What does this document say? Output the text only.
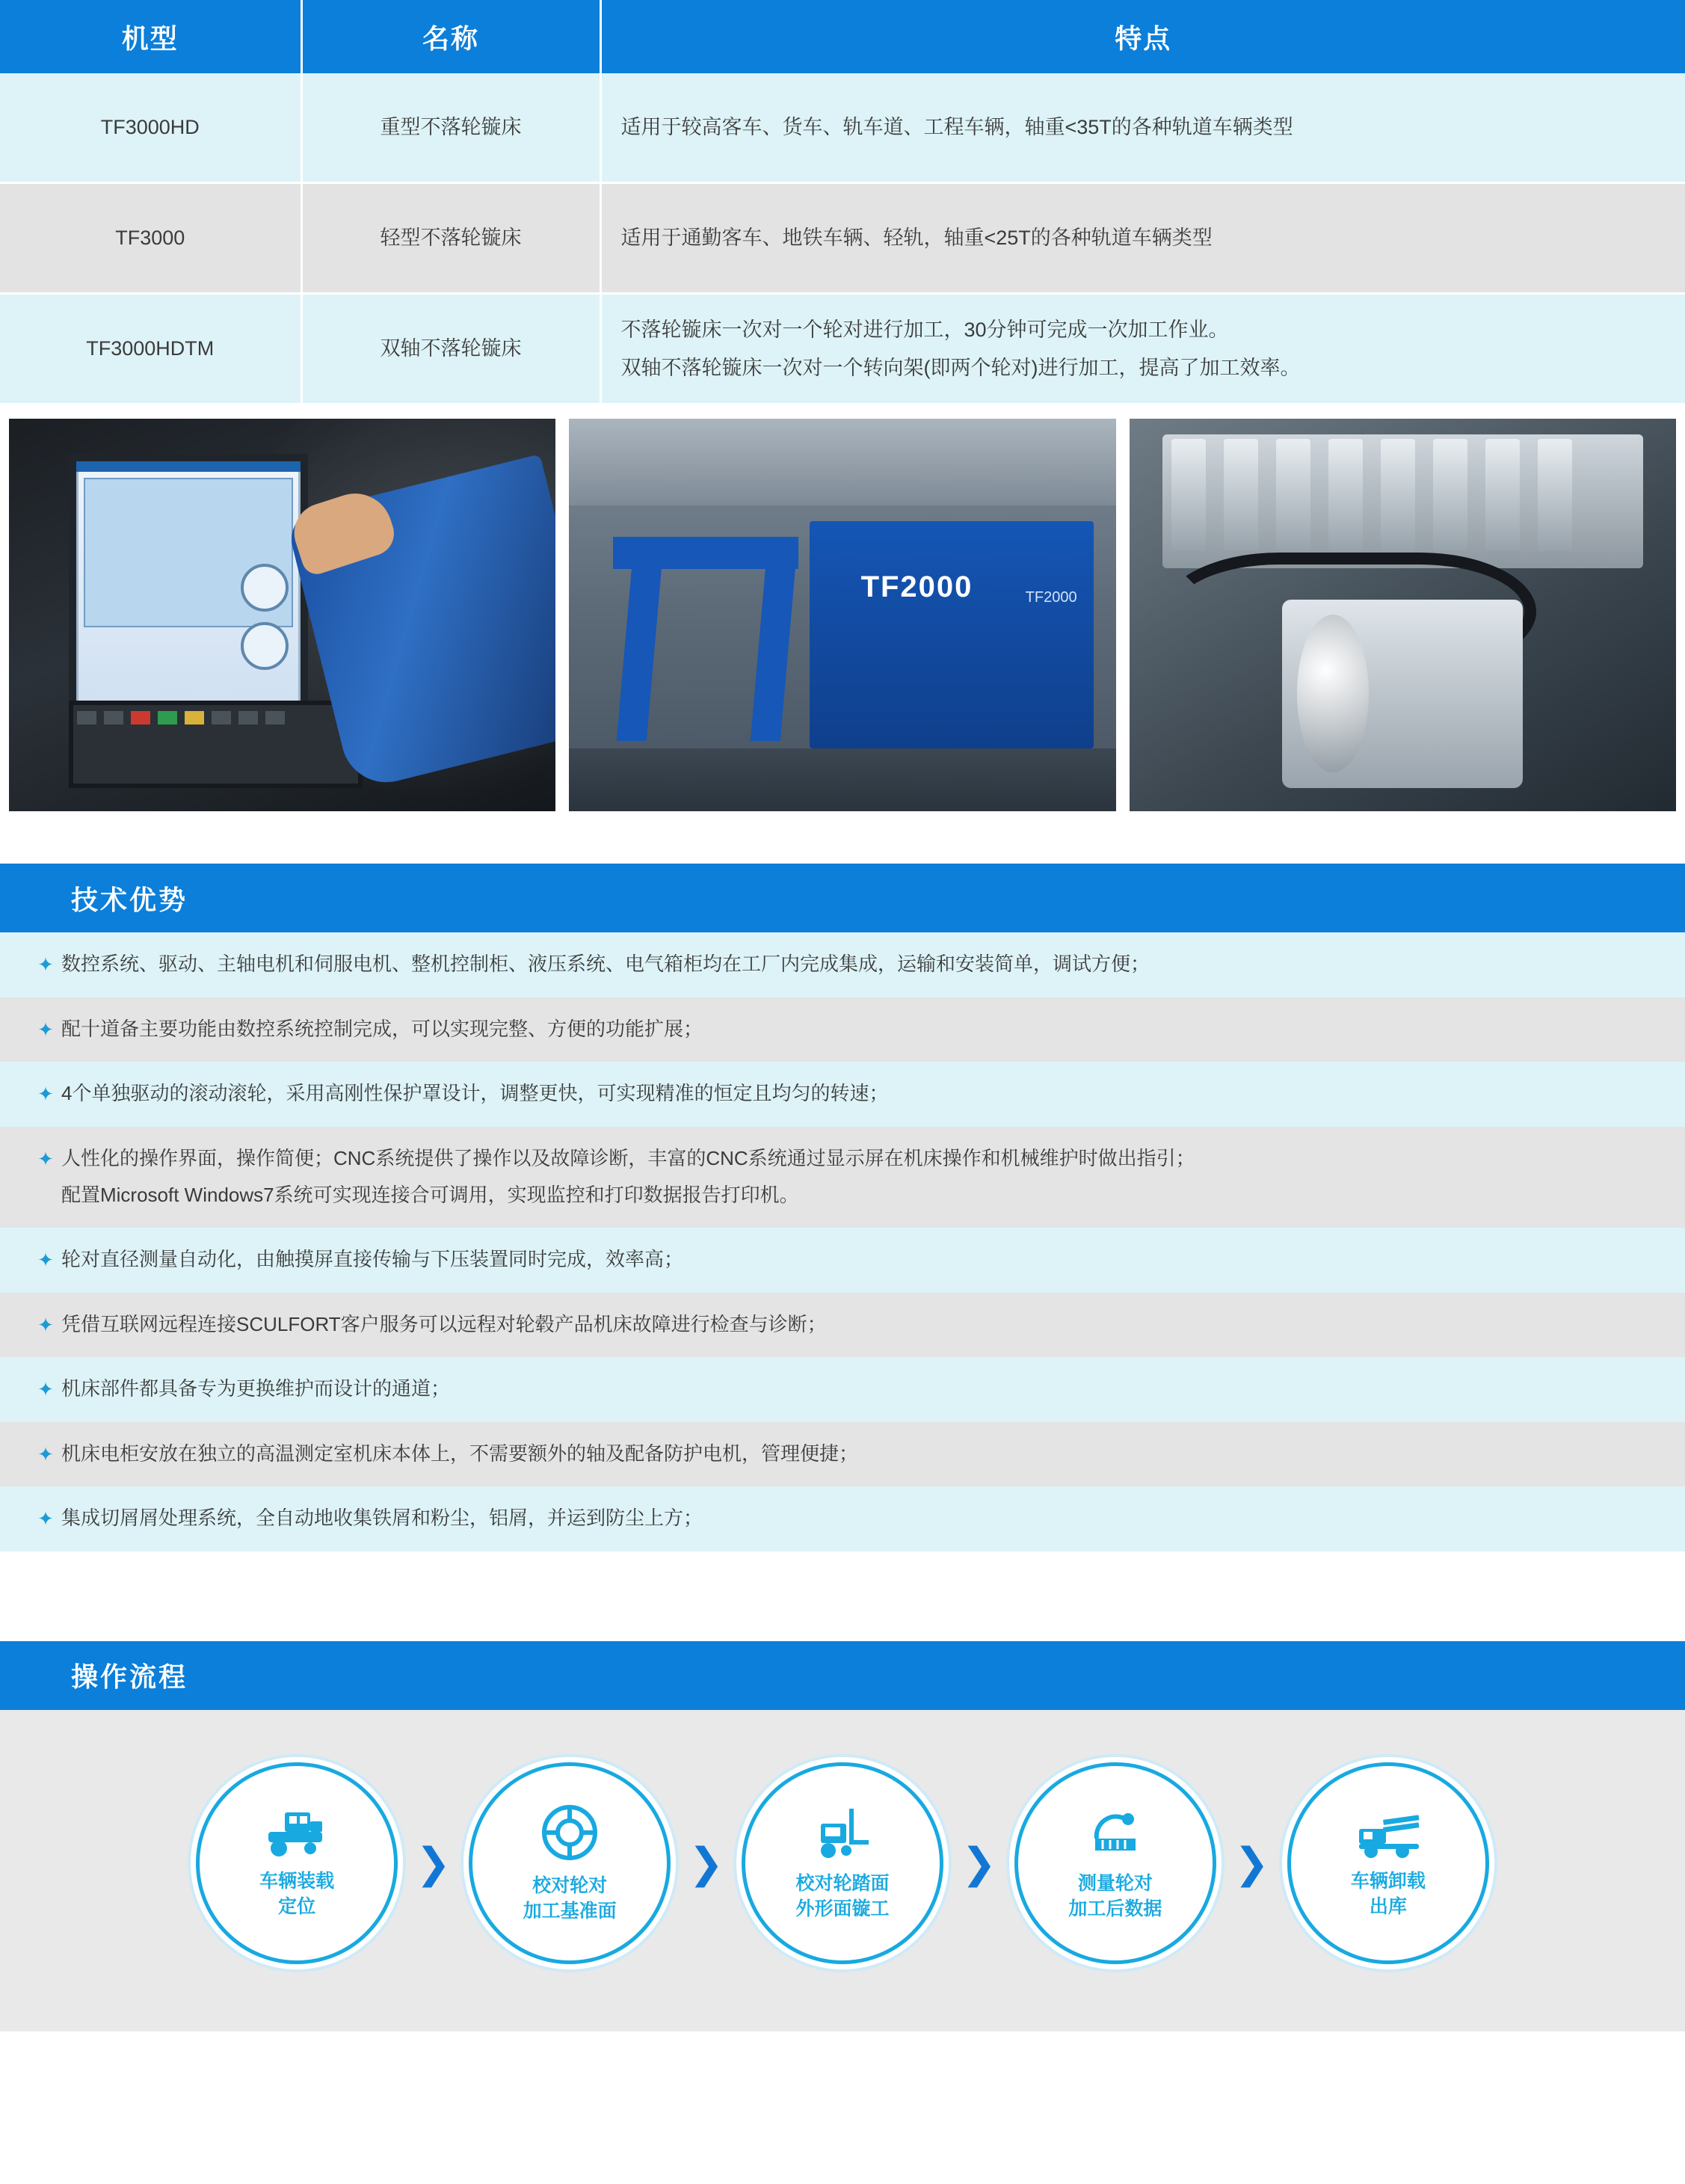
机型	名称	特点
TF3000HD	重型不落轮镟床	适用于较高客车、货车、轨车道、工程车辆，轴重<35T的各种轨道车辆类型
TF3000	轻型不落轮镟床	适用于通勤客车、地铁车辆、轻轨，轴重<25T的各种轨道车辆类型
TF3000HDTM	双轴不落轮镟床	不落轮镟床一次对一个轮对进行加工，30分钟可完成一次加工作业。
双轴不落轮镟床一次对一个转向架(即两个轮对)进行加工，提高了加工效率。
TF2000	TF2000
技术优势
✦ 数控系统、驱动、主轴电机和伺服电机、整机控制柜、液压系统、电气箱柜均在工厂内完成集成，运输和安装简单，调试方便；
✦ 配十道备主要功能由数控系统控制完成，可以实现完整、方便的功能扩展；
✦ 4个单独驱动的滚动滚轮，采用高刚性保护罩设计，调整更快，可实现精准的恒定且均匀的转速；
✦ 人性化的操作界面，操作简便；CNC系统提供了操作以及故障诊断，丰富的CNC系统通过显示屏在机床操作和机械维护时做出指引；
配置Microsoft Windows7系统可实现连接合可调用，实现监控和打印数据报告打印机。
✦ 轮对直径测量自动化，由触摸屏直接传输与下压装置同时完成，效率高；
✦ 凭借互联网远程连接SCULFORT客户服务可以远程对轮毂产品机床故障进行检查与诊断；
✦ 机床部件都具备专为更换维护而设计的通道；
✦ 机床电柜安放在独立的高温测定室机床本体上，不需要额外的轴及配备防护电机，管理便捷；
✦ 集成切屑屑处理系统，全自动地收集铁屑和粉尘，铝屑，并运到防尘上方；
操作流程
车辆装载
定位
❯	校对轮对
加工基准面
❯	校对轮踏面
外形面镟工
❯	测量轮对
加工后数据
❯	车辆卸载
出库
